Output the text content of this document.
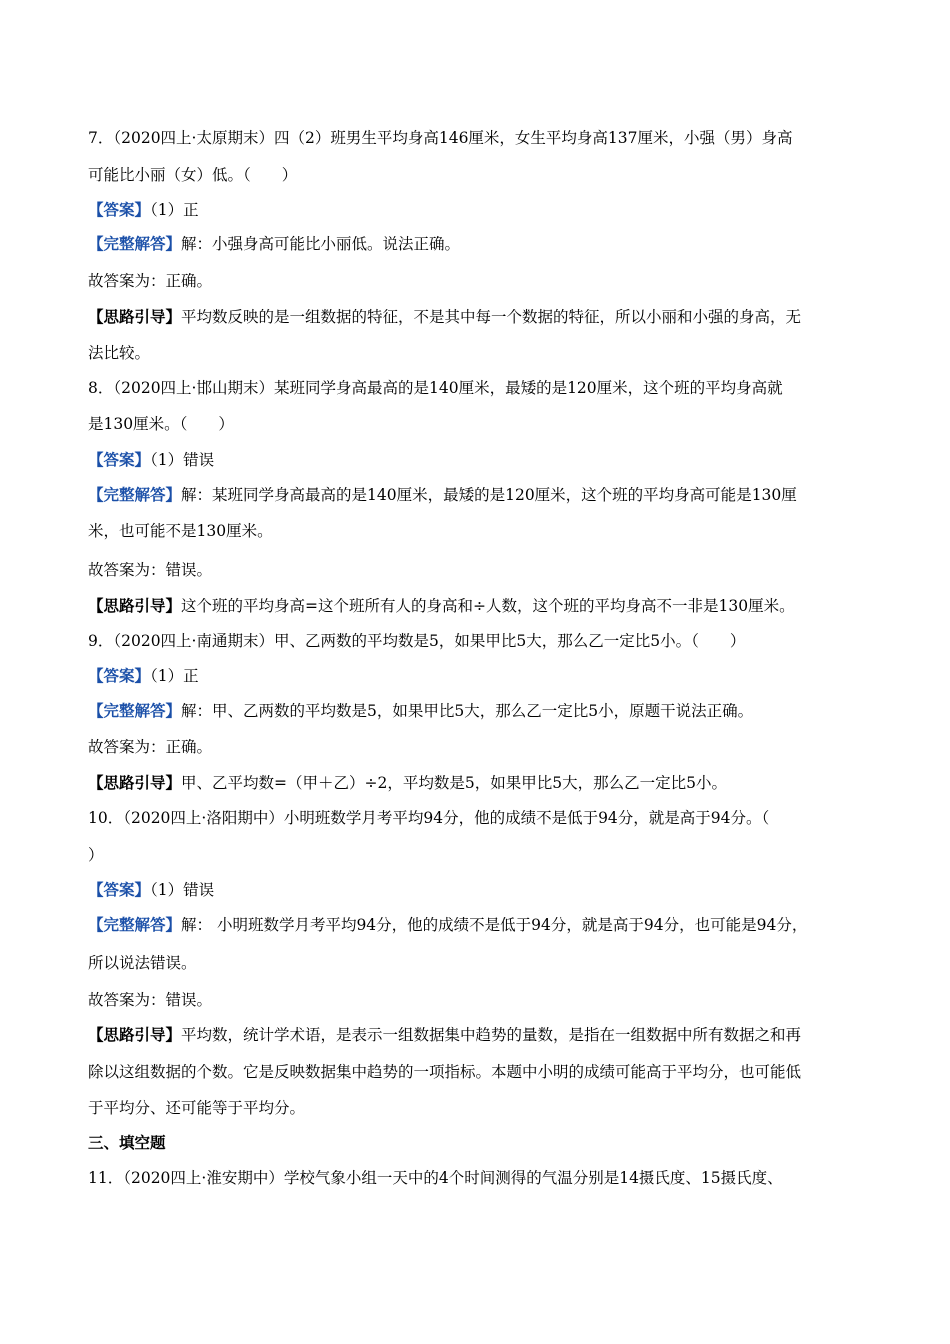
7．（2020四上·太原期末）四（2）班男生平均身高146厘米，女生平均身高137厘米，小强（男）身高
可能比小丽（女）低。（　　）
【答案】（1）正
【完整解答】解：小强身高可能比小丽低。说法正确。
故答案为：正确。
【思路引导】平均数反映的是一组数据的特征，不是其中每一个数据的特征，所以小丽和小强的身高，无
法比较。
8．（2020四上·邯山期末）某班同学身高最高的是140厘米，最矮的是120厘米，这个班的平均身高就
是130厘米。（　　）
【答案】（1）错误
【完整解答】解：某班同学身高最高的是140厘米，最矮的是120厘米，这个班的平均身高可能是130厘
米，也可能不是130厘米。
故答案为：错误。
【思路引导】这个班的平均身高=这个班所有人的身高和÷人数，这个班的平均身高不一非是130厘米。
9．（2020四上·南通期末）甲、乙两数的平均数是5，如果甲比5大，那么乙一定比5小。（　　）
【答案】（1）正
【完整解答】解：甲、乙两数的平均数是5，如果甲比5大，那么乙一定比5小，原题干说法正确。
故答案为：正确。
【思路引导】甲、乙平均数=（甲＋乙）÷2，平均数是5，如果甲比5大，那么乙一定比5小。
10．（2020四上·洛阳期中）小明班数学月考平均94分，他的成绩不是低于94分，就是高于94分。（
）
【答案】（1）错误
【完整解答】解： 小明班数学月考平均94分，他的成绩不是低于94分，就是高于94分，也可能是94分，
所以说法错误。
故答案为：错误。
【思路引导】平均数，统计学术语，是表示一组数据集中趋势的量数，是指在一组数据中所有数据之和再
除以这组数据的个数。它是反映数据集中趋势的一项指标。本题中小明的成绩可能高于平均分，也可能低
于平均分、还可能等于平均分。
三、填空题
11．（2020四上·淮安期中）学校气象小组一天中的4个时间测得的气温分别是14摄氏度、15摄氏度、
